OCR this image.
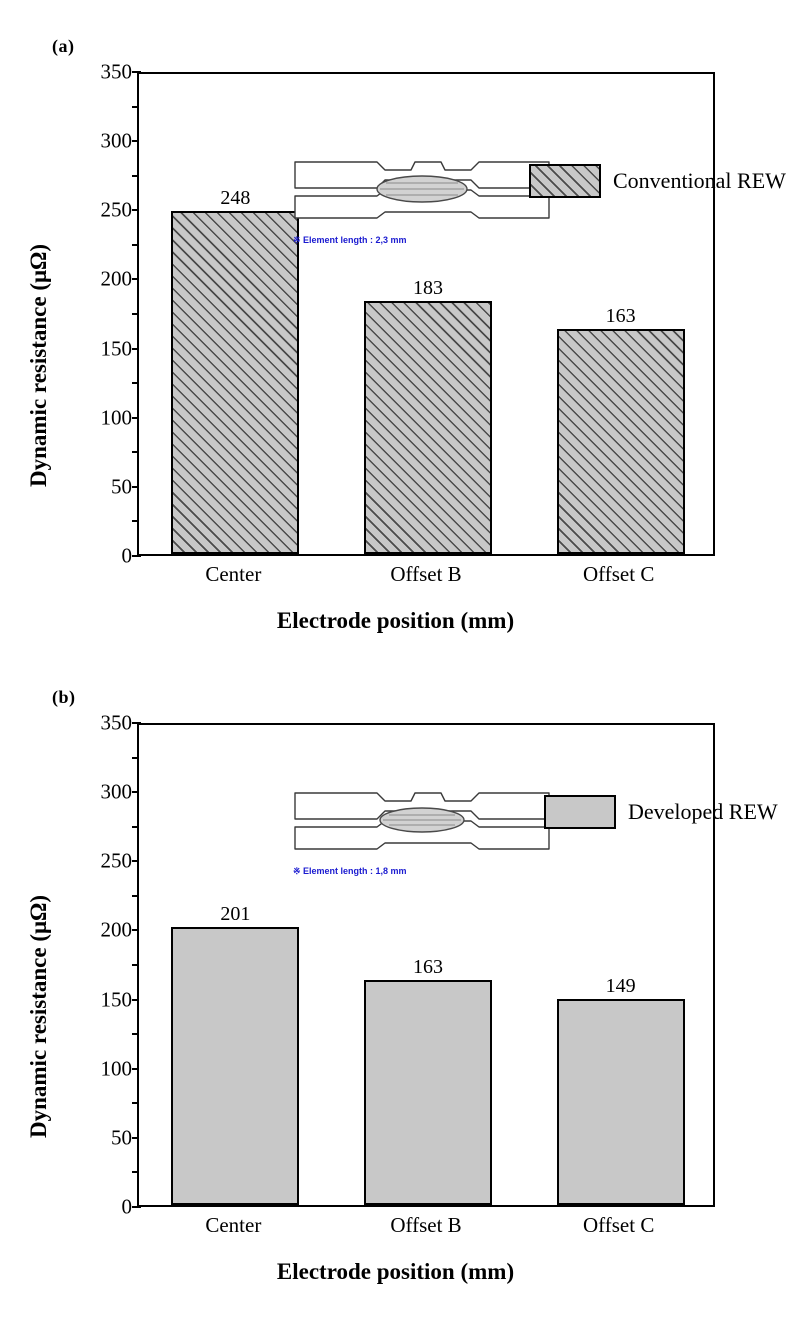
(a)
Dynamic resistance (μΩ)
0
50
100
150
200
250
300
350
248
183
163
※ Element length : 2,3 mm
Conventional REW
Center	Offset B	Offset C
Electrode position (mm)
(b)
Dynamic resistance (μΩ)
0
50
100
150
200
250
300
350
201
163
149
※ Element length : 1,8 mm
Developed REW
Center	Offset B	Offset C
Electrode position (mm)
